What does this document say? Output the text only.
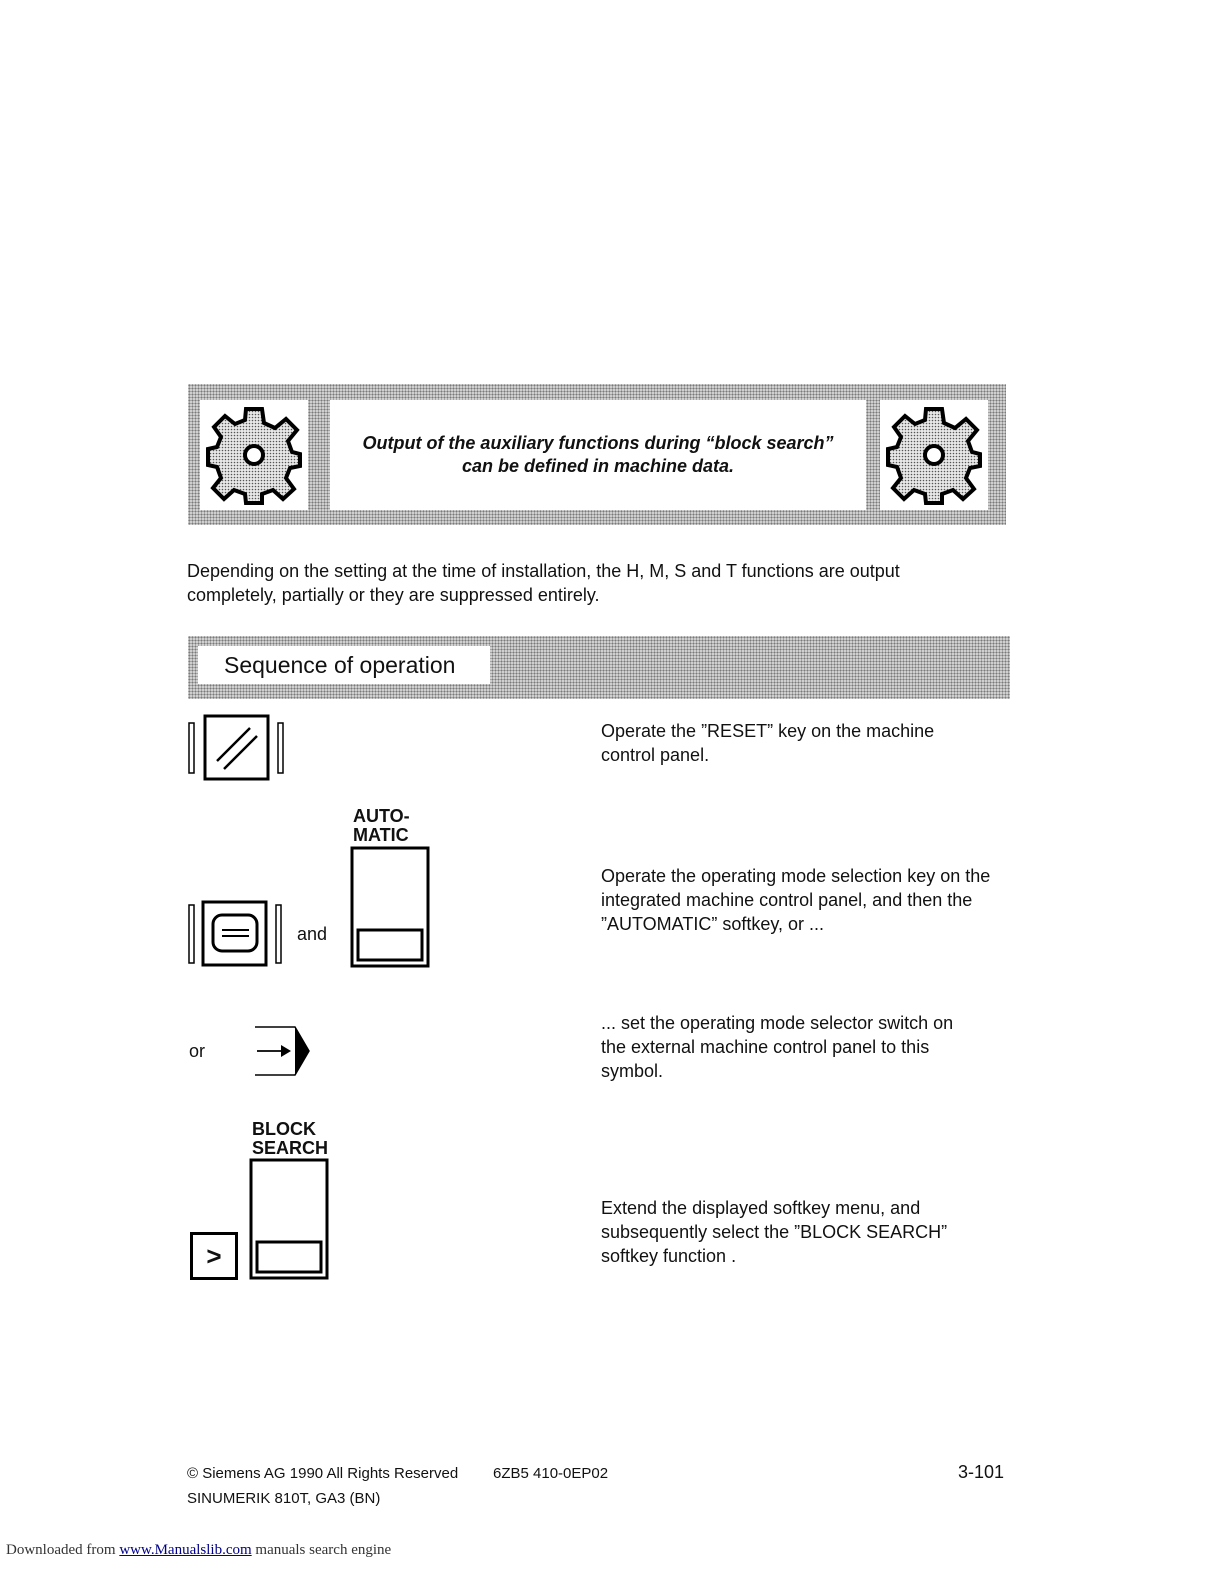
Output of the auxiliary functions during “block search”
can be defined in machine data.
Depending on the setting at the time of installation, the H, M, S and T functions are output
completely, partially or they are suppressed entirely.
Sequence of operation
Operate the ”RESET” key on the machine
control panel.
and
AUTO-
MATIC
Operate the operating mode selection key on the
integrated machine control panel, and then the
”AUTOMATIC” softkey, or ...
or
... set the operating mode selector switch on
the external machine control panel to this
symbol.
>
BLOCK
SEARCH
Extend the displayed softkey menu, and
subsequently select the ”BLOCK SEARCH”
softkey function .
© Siemens AG 1990 All Rights Reserved 6ZB5 410-0EP02	3-101
SINUMERIK 810T, GA3 (BN)
Downloaded from www.Manualslib.com manuals search engine
